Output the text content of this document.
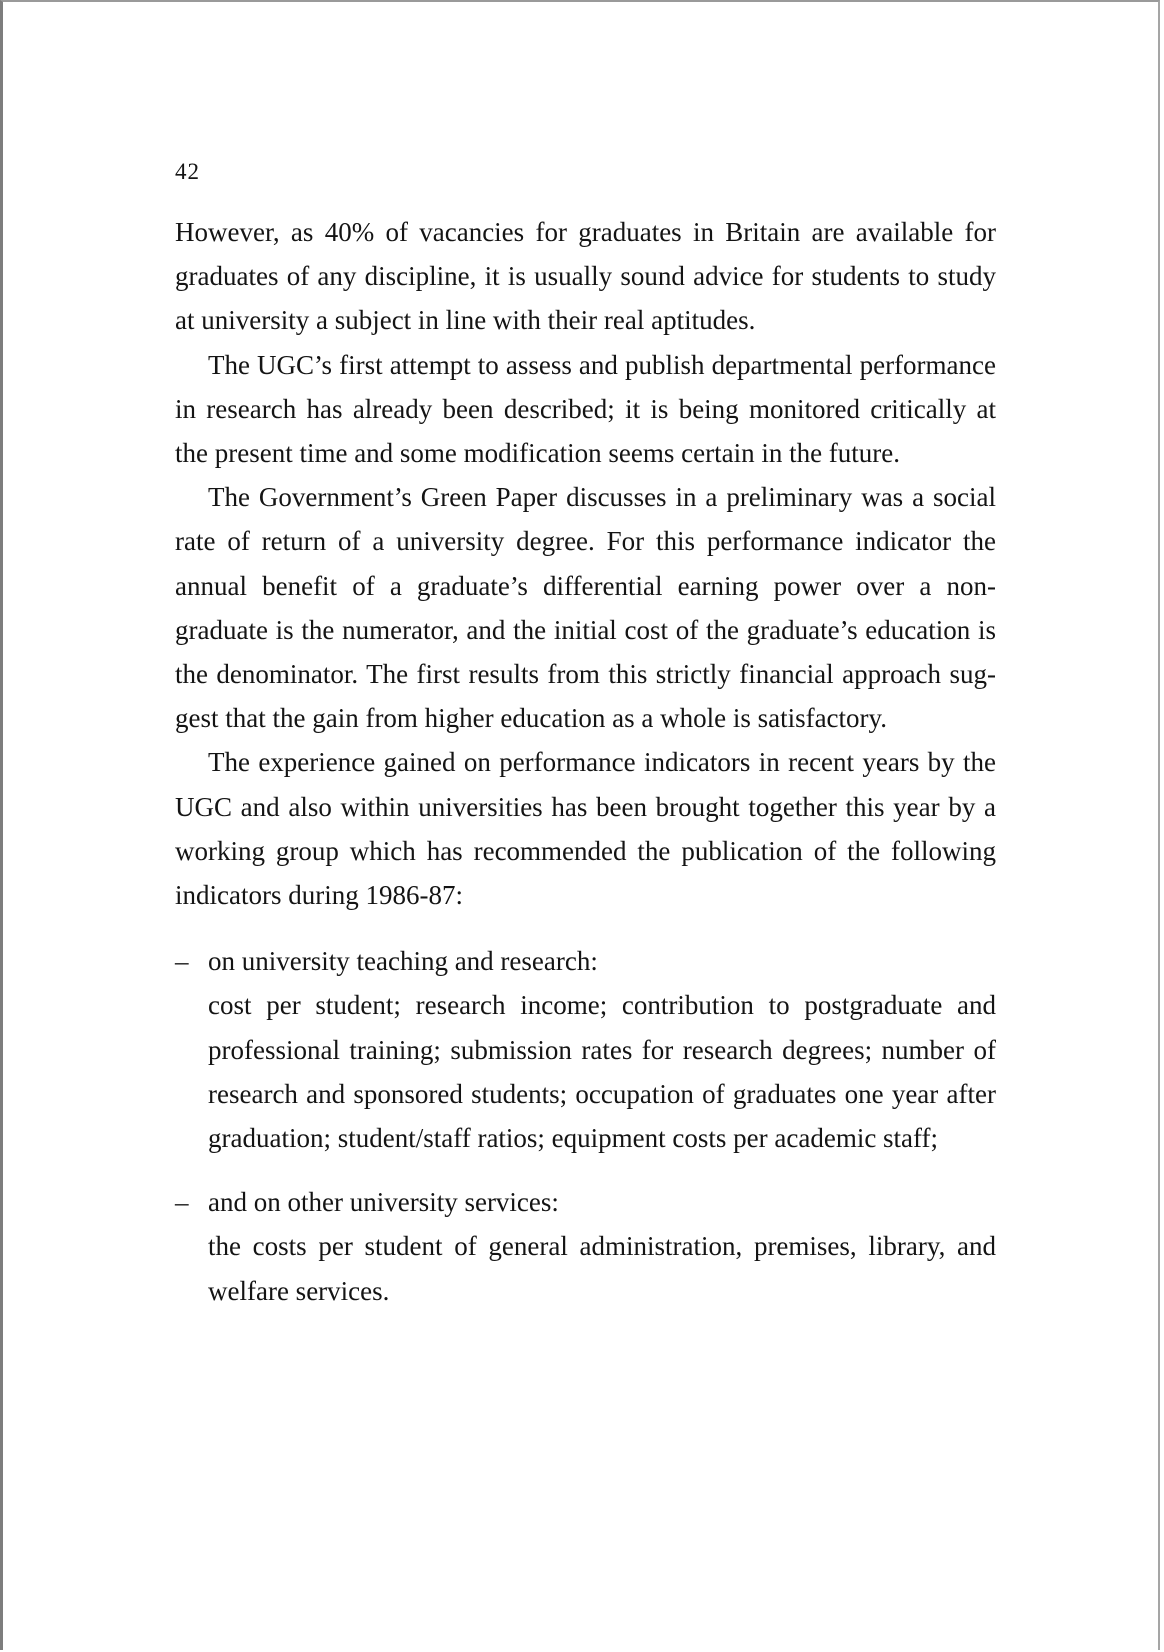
42

However, as 40% of vacancies for graduates in Britain are available for graduates of any discipline, it is usually sound advice for students to study at university a subject in line with their real aptitudes.

The UGC’s first attempt to assess and publish departmental performance in research has already been described; it is being monitored critically at the present time and some modification seems certain in the future.

The Government’s Green Paper discusses in a preliminary was a social rate of return of a university degree. For this performance indicator the annual benefit of a graduate’s differential earning power over a non-graduate is the numerator, and the initial cost of the graduate’s education is the denominator. The first results from this strictly financial approach suggest that the gain from higher education as a whole is satisfactory.

The experience gained on performance indicators in recent years by the UGC and also within universities has been brought together this year by a working group which has recommended the publication of the following indicators during 1986-87:

– on university teaching and research:
cost per student; research income; contribution to postgraduate and professional training; submission rates for research degrees; number of research and sponsored students; occupation of graduates one year after graduation; student/staff ratios; equipment costs per academic staff;
– and on other university services:
the costs per student of general administration, premises, library, and welfare services.
